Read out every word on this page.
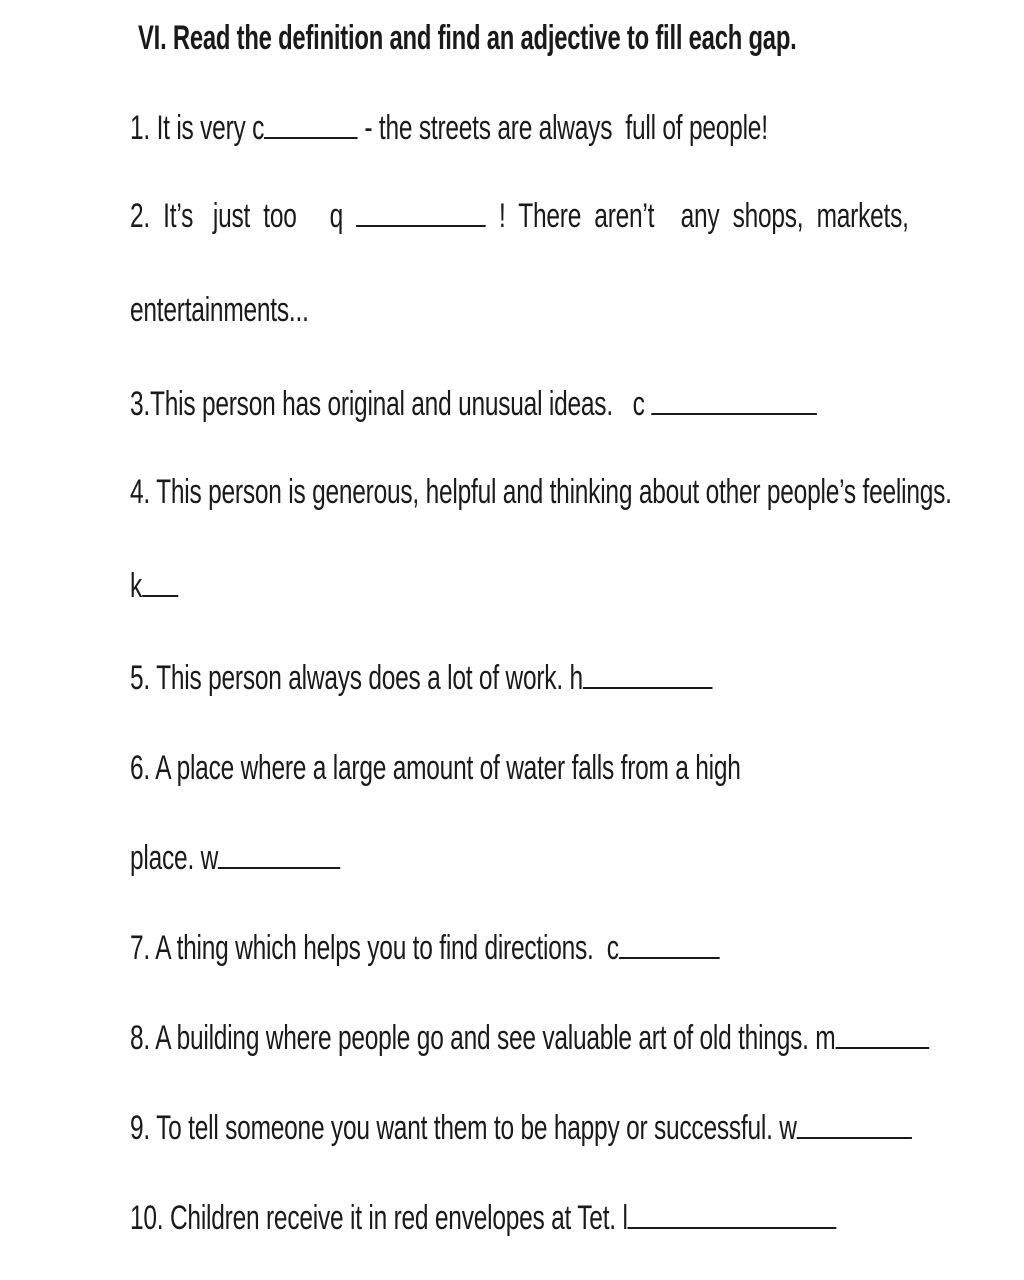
VI. Read the definition and find an adjective to fill each gap.
1. It is very c	- the streets are always  full of people!
2.  It’s   just  too     q	!  There  aren’t    any  shops,  markets,
entertainments...
3.This person has original and unusual ideas.   c
4. This person is generous, helpful and thinking about other people’s feelings.
k
5. This person always does a lot of work. h
6. A place where a large amount of water falls from a high
place. w
7. A thing which helps you to find directions.  c
8. A building where people go and see valuable art of old things. m
9. To tell someone you want them to be happy or successful. w
10. Children receive it in red envelopes at Tet. l
